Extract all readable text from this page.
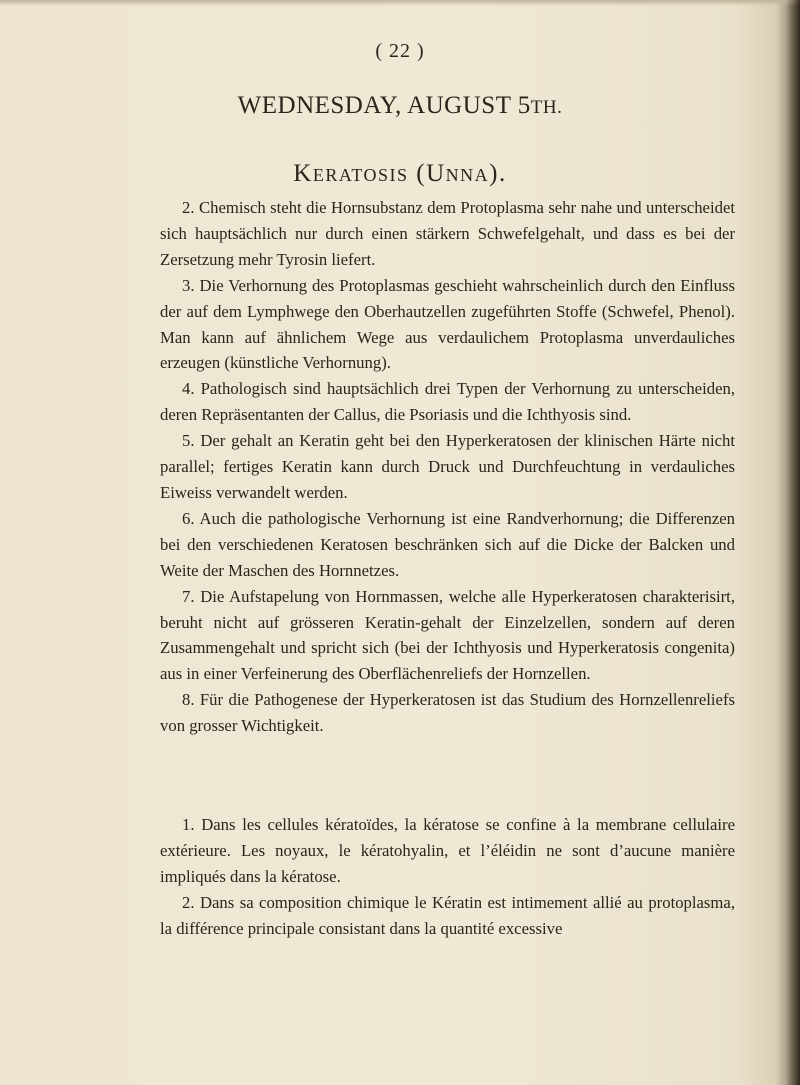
( 22 )
WEDNESDAY, AUGUST 5TH.
Keratosis (Unna).

2. Chemisch steht die Hornsubstanz dem Protoplasma sehr nahe und unterscheidet sich hauptsächlich nur durch einen stärkern Schwefelgehalt, und dass es bei der Zersetzung mehr Tyrosin liefert.

3. Die Verhornung des Protoplasmas geschieht wahrscheinlich durch den Einfluss der auf dem Lymphwege den Oberhautzellen zugeführten Stoffe (Schwefel, Phenol). Man kann auf ähnlichem Wege aus verdaulichem Protoplasma unverdauliches erzeugen (künstliche Verhornung).

4. Pathologisch sind hauptsächlich drei Typen der Verhornung zu unterscheiden, deren Repräsentanten der Callus, die Psoriasis und die Ichthyosis sind.

5. Der gehalt an Keratin geht bei den Hyperkeratosen der klinischen Härte nicht parallel; fertiges Keratin kann durch Druck und Durchfeuchtung in verdauliches Eiweiss verwandelt werden.

6. Auch die pathologische Verhornung ist eine Randverhornung; die Differenzen bei den verschiedenen Keratosen beschränken sich auf die Dicke der Balcken und Weite der Maschen des Hornnetzes.

7. Die Aufstapelung von Hornmassen, welche alle Hyperkeratosen charakterisirt, beruht nicht auf grösseren Keratin-gehalt der Einzelzellen, sondern auf deren Zusammengehalt und spricht sich (bei der Ichthyosis und Hyperkeratosis congenita) aus in einer Verfeinerung des Oberflächenreliefs der Hornzellen.

8. Für die Pathogenese der Hyperkeratosen ist das Studium des Hornzellenreliefs von grosser Wichtigkeit.

1. Dans les cellules kératoïdes, la kératose se confine à la membrane cellulaire extérieure. Les noyaux, le kératohyalin, et l’éléidin ne sont d’aucune manière impliqués dans la kératose.

2. Dans sa composition chimique le Kératin est intimement allié au protoplasma, la différence principale consistant dans la quantité excessive
